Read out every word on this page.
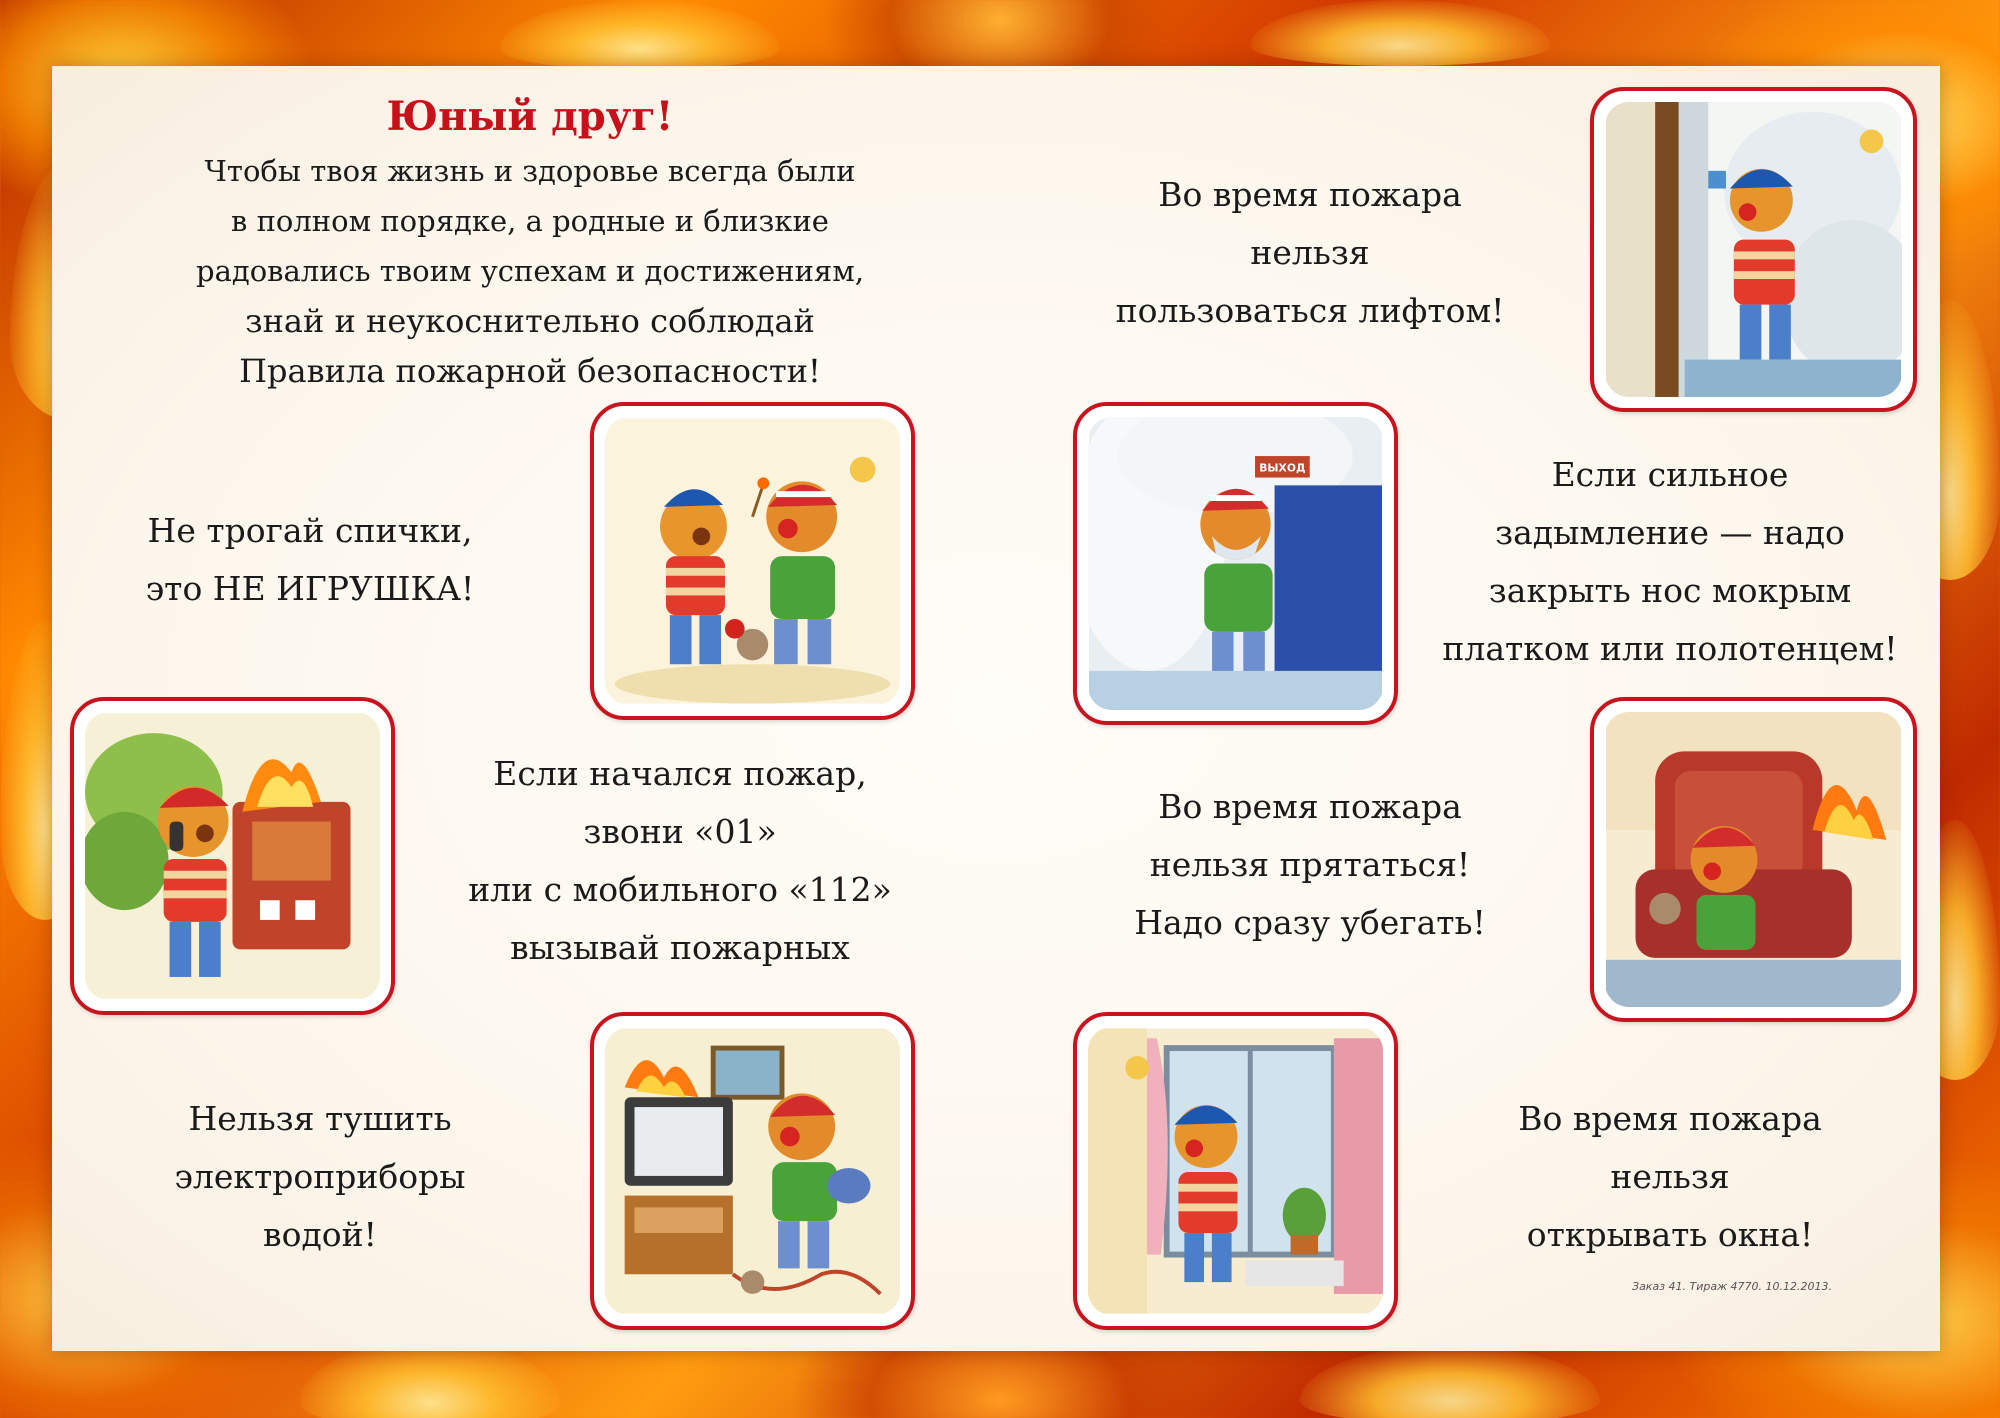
Юный друг!
Чтобы твоя жизнь и здоровье всегда были
в полном порядке, а родные и близкие
радовались твоим успехам и достижениям,
знай и неукоснительно соблюдай
Правила пожарной безопасности!
Не трогай спички,
это НЕ ИГРУШКА!
Если начался пожар,
звони «01»
или с мобильного «112»
вызывай пожарных
Нельзя тушить
электроприборы
водой!
Во время пожара
нельзя
пользоваться лифтом!
Если сильное
задымление — надо
закрыть нос мокрым
платком или полотенцем!
Во время пожара
нельзя прятаться!
Надо сразу убегать!
Во время пожара
нельзя
открывать окна!
ВЫХОД
Заказ 41. Тираж 4770. 10.12.2013.
